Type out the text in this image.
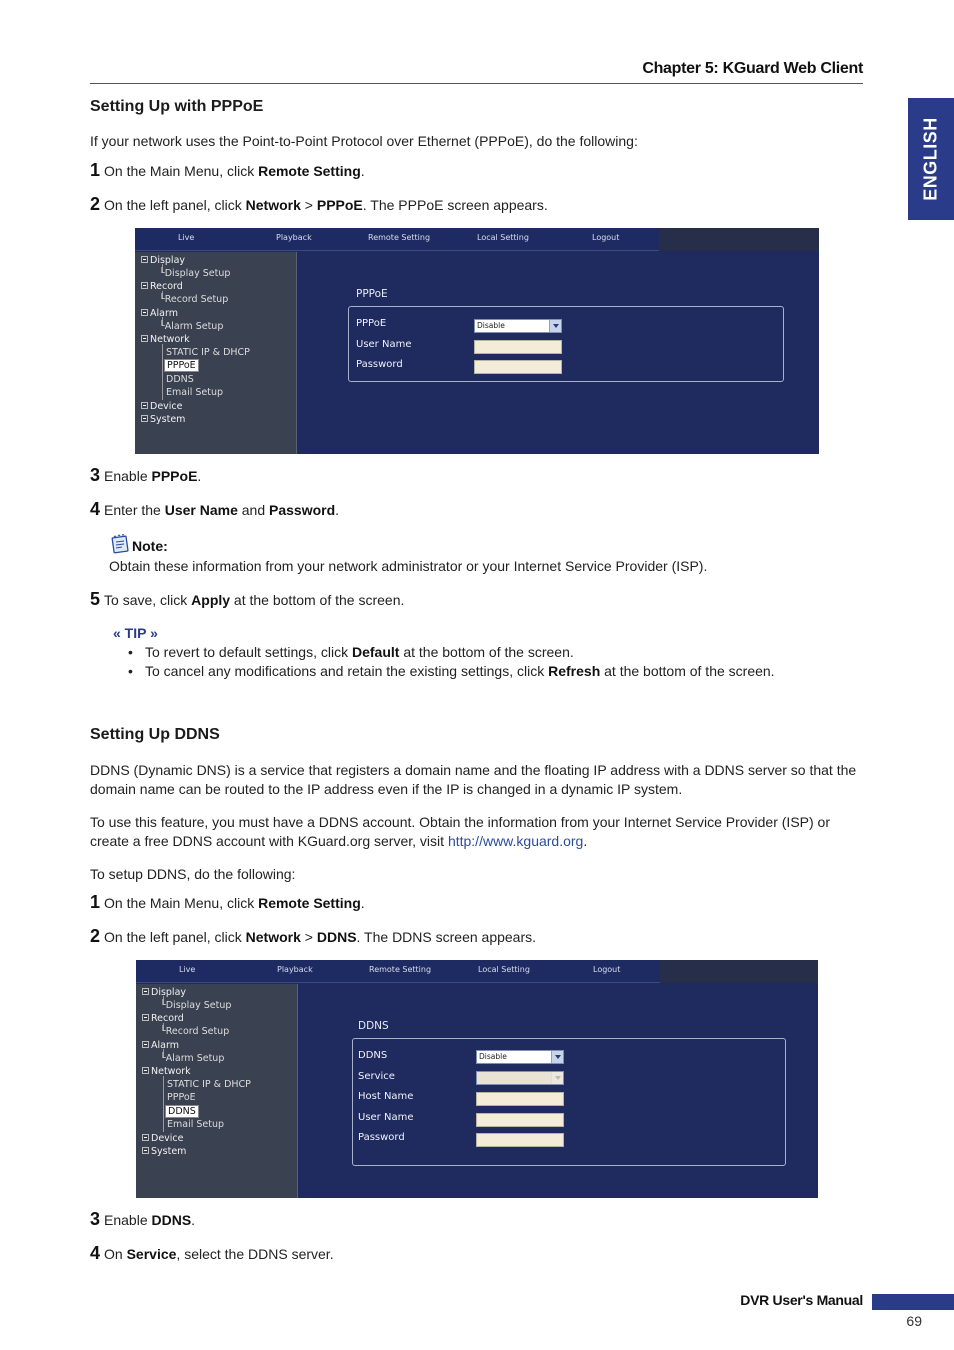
Chapter 5: KGuard Web Client
ENGLISH
Setting Up with PPPoE

If your network uses the Point-to-Point Protocol over Ethernet (PPPoE), do the following:

1 On the Main Menu, click Remote Setting.
2 On the left panel, click Network > PPPoE. The PPPoE screen appears.
Live	Playback	Remote Setting	Local Setting	Logout
Display
└Display Setup
Record
└Record Setup
Alarm
└Alarm Setup
Network
STATIC IP & DHCP
PPPoE
DDNS
Email Setup
Device
System
PPPoE
PPPoE	Disable
User Name
Password
3 Enable PPPoE.
4 Enter the User Name and Password.
Note:
Obtain these information from your network administrator or your Internet Service Provider (ISP).
5 To save, click Apply at the bottom of the screen.
« TIP »
• To revert to default settings, click Default at the bottom of the screen.
• To cancel any modifications and retain the existing settings, click Refresh at the bottom of the screen.
Setting Up DDNS

DDNS (Dynamic DNS) is a service that registers a domain name and the floating IP address with a DDNS server so that the domain name can be routed to the IP address even if the IP is changed in a dynamic IP system.

To use this feature, you must have a DDNS account. Obtain the information from your Internet Service Provider (ISP) or create a free DDNS account with KGuard.org server, visit http://www.kguard.org.

To setup DDNS, do the following:

1 On the Main Menu, click Remote Setting.
2 On the left panel, click Network > DDNS. The DDNS screen appears.
Live	Playback	Remote Setting	Local Setting	Logout
Display
└Display Setup
Record
└Record Setup
Alarm
└Alarm Setup
Network
STATIC IP & DHCP
PPPoE
DDNS
Email Setup
Device
System
DDNS
DDNS	Disable
Service
Host Name
User Name
Password
3 Enable DDNS.
4 On Service, select the DDNS server.
DVR User's Manual
69
